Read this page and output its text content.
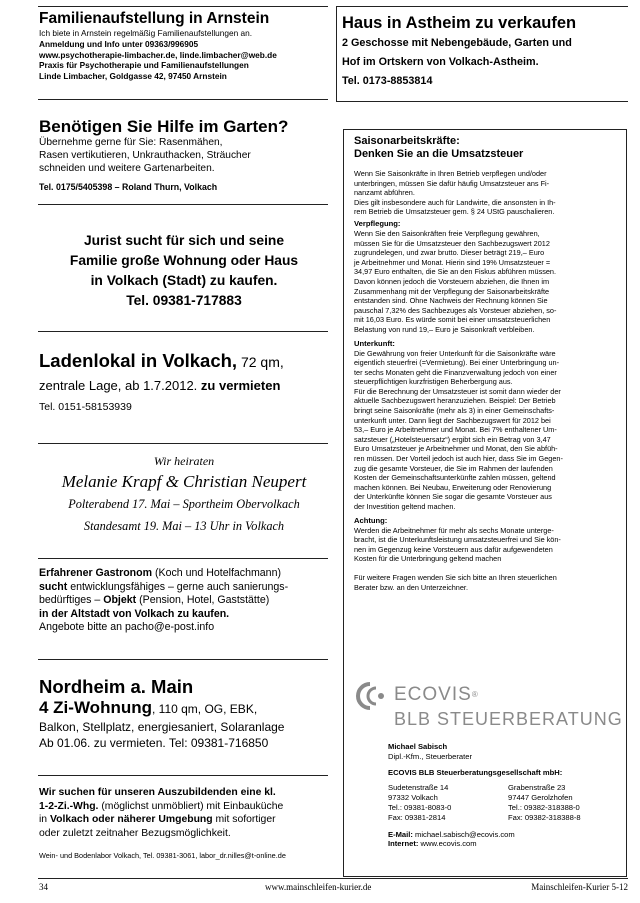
Familienaufstellung in Arnstein
Ich biete in Arnstein regelmäßig Familienaufstellungen an.
Anmeldung und Info unter 09363/996905
www.psychotherapie-limbacher.de, linde.limbacher@web.de
Praxis für Psychotherapie und Familienaufstellungen
Linde Limbacher, Goldgasse 42, 97450 Arnstein
Benötigen Sie Hilfe im Garten?
Übernehme gerne für Sie: Rasenmähen,
Rasen vertikutieren, Unkrauthacken, Sträucher
schneiden und weitere Gartenarbeiten.
Tel. 0175/5405398 – Roland Thurn, Volkach
Jurist sucht für sich und seine
Familie große Wohnung oder Haus
in Volkach (Stadt) zu kaufen.
Tel. 09381-717883
Ladenlokal in Volkach, 72 qm,
zentrale Lage, ab 1.7.2012. zu vermieten
Tel. 0151-58153939
Wir heiraten
Melanie Krapf & Christian Neupert
Polterabend 17. Mai – Sportheim Obervolkach
Standesamt 19. Mai – 13 Uhr in Volkach
Erfahrener Gastronom (Koch und Hotelfachmann)
sucht entwicklungsfähiges – gerne auch sanierungs-
bedürftiges – Objekt (Pension, Hotel, Gaststätte)
in der Altstadt von Volkach zu kaufen.
Angebote bitte an pacho@e-post.info
Nordheim a. Main
4 Zi-Wohnung, 110 qm, OG, EBK,
Balkon, Stellplatz, energiesaniert, Solaranlage
Ab 01.06. zu vermieten. Tel: 09381-716850
Wir suchen für unseren Auszubildenden eine kl.
1-2-Zi.-Whg. (möglichst unmöbliert) mit Einbauküche
in Volkach oder näherer Umgebung mit sofortiger
oder zuletzt zeitnaher Bezugsmöglichkeit.
Wein- und Bodenlabor Volkach, Tel. 09381-3061, labor_dr.nilles@t-online.de
Haus in Astheim zu verkaufen
2 Geschosse mit Nebengebäude, Garten und
Hof im Ortskern von Volkach-Astheim.
Tel. 0173-8853814
Saisonarbeitskräfte:
Denken Sie an die Umsatzsteuer
Wenn Sie Saisonkräfte in Ihren Betrieb verpflegen und/oder
unterbringen, müssen Sie dafür häufig Umsatzsteuer ans Fi-
nanzamt abführen.
Dies gilt insbesondere auch für Landwirte, die ansonsten in Ih-
rem Betrieb die Umsatzsteuer gem. § 24 UStG pauschalieren.
Verpflegung:
Wenn Sie den Saisonkräften freie Verpflegung gewähren,
müssen Sie für die Umsatzsteuer den Sachbezugswert 2012
zugrundelegen, und zwar brutto. Dieser beträgt 219,– Euro
je Arbeitnehmer und Monat. Hierin sind 19% Umsatzsteuer =
34,97 Euro enthalten, die Sie an den Fiskus abführen müssen.
Davon können jedoch die Vorsteuern abziehen, die Ihnen im
Zusammenhang mit der Verpflegung der Saisonarbeitskräfte
entstanden sind. Ohne Nachweis der Rechnung können Sie
pauschal 7,32% des Sachbezuges als Vorsteuer abziehen, so-
mit 16,03 Euro. Es würde somit bei einer umsatzsteuerlichen
Belastung von rund 19,– Euro je Saisonkraft verbleiben.
Unterkunft:
Die Gewährung von freier Unterkunft für die Saisonkräfte wäre
eigentlich steuerfrei (=Vermietung). Bei einer Unterbringung un-
ter sechs Monaten geht die Finanzverwaltung jedoch von einer
steuerpflichtigen kurzfristigen Beherbergung aus.
Für die Berechnung der Umsatzsteuer ist somit dann wieder der
aktuelle Sachbezugswert heranzuziehen. Beispiel: Der Betrieb
bringt seine Saisonkräfte (mehr als 3) in einer Gemeinschafts-
unterkunft unter. Dann liegt der Sachbezugswert für 2012 bei
53,– Euro je Arbeitnehmer und Monat. Bei 7% enthaltener Um-
satzsteuer („Hotelsteuersatz“) ergibt sich ein Betrag von 3,47
Euro Umsatzsteuer je Arbeitnehmer und Monat, den Sie abfüh-
ren müssen. Der Vorteil jedoch ist auch hier, dass Sie im Gegen-
zug die gesamte Vorsteuer, die Sie im Rahmen der laufenden
Kosten der Gemeinschaftsunterkünfte zahlen müssen, geltend
machen können. Bei Neubau, Erweiterung oder Renovierung
der Unterkünfte können Sie sogar die gesamte Vorsteuer aus
der Investition geltend machen.
Achtung:
Werden die Arbeitnehmer für mehr als sechs Monate unterge-
bracht, ist die Unterkunftsleistung umsatzsteuerfrei und Sie kön-
nen im Gegenzug keine Vorsteuern aus dafür aufgewendeten
Kosten für die Unterbringung geltend machen
Für weitere Fragen wenden Sie sich bitte an Ihren steuerlichen
Berater bzw. an den Unterzeichner.
ECOVIS®
BLB STEUERBERATUNG
Michael Sabisch
Dipl.-Kfm., Steuerberater
ECOVIS BLB Steuerberatungsgesellschaft mbH:
Sudetenstraße 14
97332 Volkach
Tel.: 09381-8083-0
Fax: 09381-2814
Grabenstraße 23
97447 Gerolzhofen
Tel.: 09382-318388-0
Fax: 09382-318388-8
E-Mail: michael.sabisch@ecovis.com
Internet: www.ecovis.com
34	www.mainschleifen-kurier.de	Mainschleifen-Kurier 5-12
